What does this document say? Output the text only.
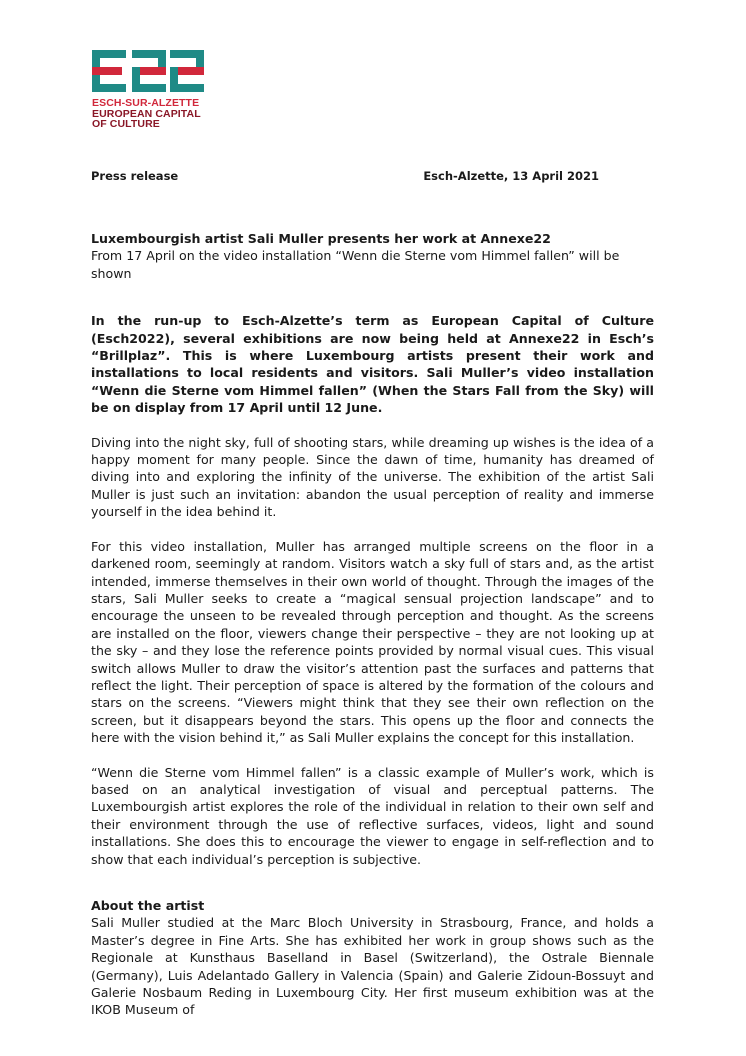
ESCH-SUR-ALZETTE
EUROPEAN CAPITAL
OF CULTURE
Press release	Esch-Alzette, 13 April 2021

Luxembourgish artist Sali Muller presents her work at Annexe22

From 17 April on the video installation “Wenn die Sterne vom Himmel fallen” will be shown

In the run-up to Esch-Alzette’s term as European Capital of Culture (Esch2022), several exhibitions are now being held at Annexe22 in Esch’s “Brillplaz”. This is where Luxembourg artists present their work and installations to local residents and visitors. Sali Muller’s video installation “Wenn die Sterne vom Himmel fallen” (When the Stars Fall from the Sky) will be on display from 17 April until 12 June.

Diving into the night sky, full of shooting stars, while dreaming up wishes is the idea of a happy moment for many people. Since the dawn of time, humanity has dreamed of diving into and exploring the infinity of the universe. The exhibition of the artist Sali Muller is just such an invitation: abandon the usual perception of reality and immerse yourself in the idea behind it.

For this video installation, Muller has arranged multiple screens on the floor in a darkened room, seemingly at random. Visitors watch a sky full of stars and, as the artist intended, immerse themselves in their own world of thought. Through the images of the stars, Sali Muller seeks to create a “magical sensual projection landscape” and to encourage the unseen to be revealed through perception and thought. As the screens are installed on the floor, viewers change their perspective – they are not looking up at the sky – and they lose the reference points provided by normal visual cues. This visual switch allows Muller to draw the visitor’s attention past the surfaces and patterns that reflect the light. Their perception of space is altered by the formation of the colours and stars on the screens. “Viewers might think that they see their own reflection on the screen, but it disappears beyond the stars. This opens up the floor and connects the here with the vision behind it,” as Sali Muller explains the concept for this installation.

“Wenn die Sterne vom Himmel fallen” is a classic example of Muller’s work, which is based on an analytical investigation of visual and perceptual patterns. The Luxembourgish artist explores the role of the individual in relation to their own self and their environment through the use of reflective surfaces, videos, light and sound installations. She does this to encourage the viewer to engage in self-reflection and to show that each individual’s perception is subjective.

About the artist

Sali Muller studied at the Marc Bloch University in Strasbourg, France, and holds a Master’s degree in Fine Arts. She has exhibited her work in group shows such as the Regionale at Kunsthaus Baselland in Basel (Switzerland), the Ostrale Biennale (Germany), Luis Adelantado Gallery in Valencia (Spain) and Galerie Zidoun-Bossuyt and Galerie Nosbaum Reding in Luxembourg City. Her first museum exhibition was at the IKOB Museum of
